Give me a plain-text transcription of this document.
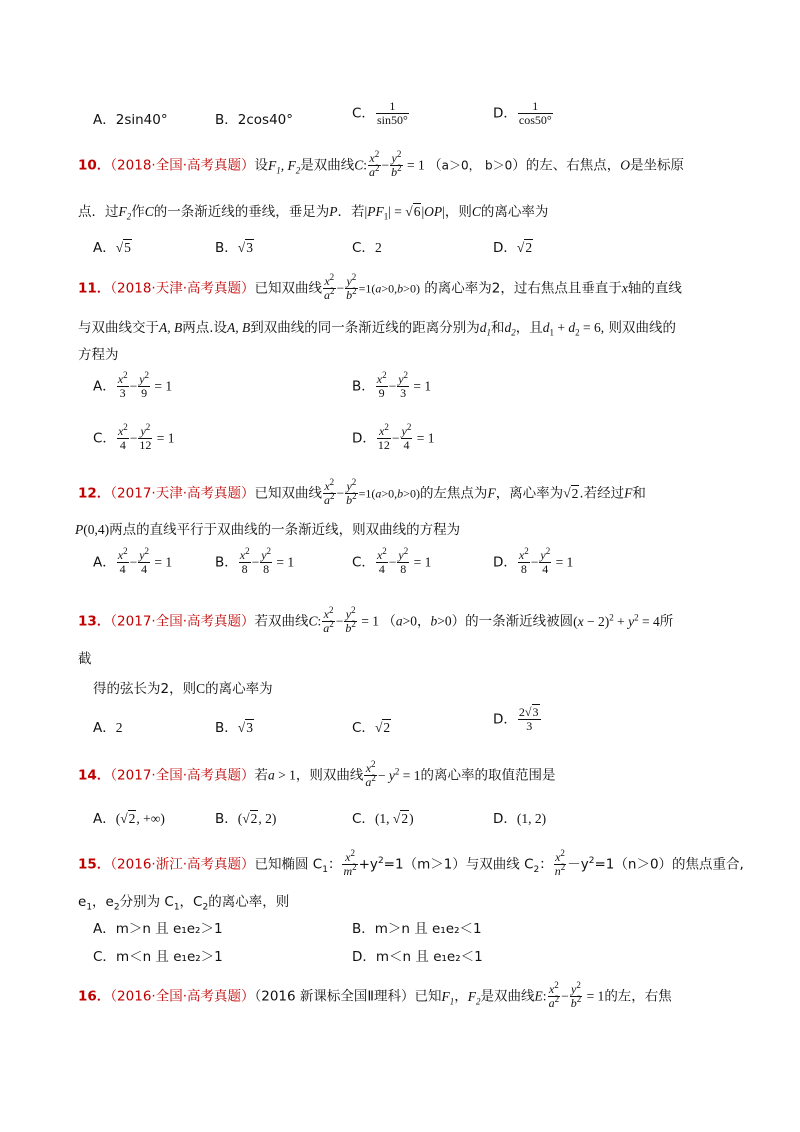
A．2sin40°	B．2cos40°	C． $\frac{1}{\sin 50^\circ}$	D． $\frac{1}{\cos 50^\circ}$
10．（2018·全国·高考真题）设$F_1$, $F_2$是双曲线C: $\frac{x^2}{a^2} - \frac{y^2}{b^2} = 1$ （a＞0， b＞0）的左、右焦点，O是坐标原
点．过$F_2$作C的一条渐近线的垂线，垂足为P．若$|PF_1| = √6|OP|$，则C的离心率为
A．√5	B．√3	C．2	D．√2
11．（2018·天津·高考真题）已知双曲线 $\frac{x^2}{a^2} - \frac{y^2}{b^2} =1(a>0,b>0)$ 的离心率为2，过右焦点且垂直于x轴的直线
与双曲线交于A, B两点.设A, B到双曲线的同一条渐近线的距离分别为$d_1$和$d_2$，且$d_1 + d_2 = 6$, 则双曲线的
方程为
A． $\frac{x^2}{3} - \frac{y^2}{9} = 1$	B． $\frac{x^2}{9} - \frac{y^2}{3} = 1$
C． $\frac{x^2}{4} - \frac{y^2}{12} = 1$	D． $\frac{x^2}{12} - \frac{y^2}{4} = 1$
12．（2017·天津·高考真题）已知双曲线 $\frac{x^2}{a^2} - \frac{y^2}{b^2} =1(a>0,b>0)$的左焦点为F，离心率为√2.若经过F和
P(0,4)两点的直线平行于双曲线的一条渐近线，则双曲线的方程为
A． $\frac{x^2}{4} - \frac{y^2}{4} = 1$	B． $\frac{x^2}{8} - \frac{y^2}{8} = 1$	C． $\frac{x^2}{4} - \frac{y^2}{8} = 1$	D． $\frac{x^2}{8} - \frac{y^2}{4} = 1$
13．（2017·全国·高考真题）若双曲线C: $\frac{x^2}{a^2} - \frac{y^2}{b^2} = 1$ （a>0，b>0）的一条渐近线被圆$(x - 2)^2 + y^2 = 4$所
截
得的弦长为2，则C的离心率为
A．2	B．√3	C．√2	D． $\frac{2√3}{3}$
14．（2017·全国·高考真题）若a > 1，则双曲线 $\frac{x^2}{a^2} - y^2 = 1$的离心率的取值范围是
A．(√2, +∞)	B．(√2, 2)	C．(1, √2)	D．(1, 2)
15．（2016·浙江·高考真题）已知椭圆 $C_1$： $\frac{x^2}{m^2} +y^2=1(m>1)$与双曲线 $C_2$： $\frac{x^2}{n^2} -y^2=1(n>0)$的焦点重合,
$e_1$，$e_2$分别为 $C_1$，$C_2$的离心率，则
A．m＞n 且 e₁e₂＞1	B．m＞n 且 e₁e₂＜1
C．m＜n 且 e₁e₂＞1	D．m＜n 且 e₁e₂＜1
16．（2016·全国·高考真题）（2016 新课标全国Ⅱ理科）已知$F_1$，$F_2$是双曲线E: $\frac{x^2}{a^2} - \frac{y^2}{b^2} = 1$的左，右焦
